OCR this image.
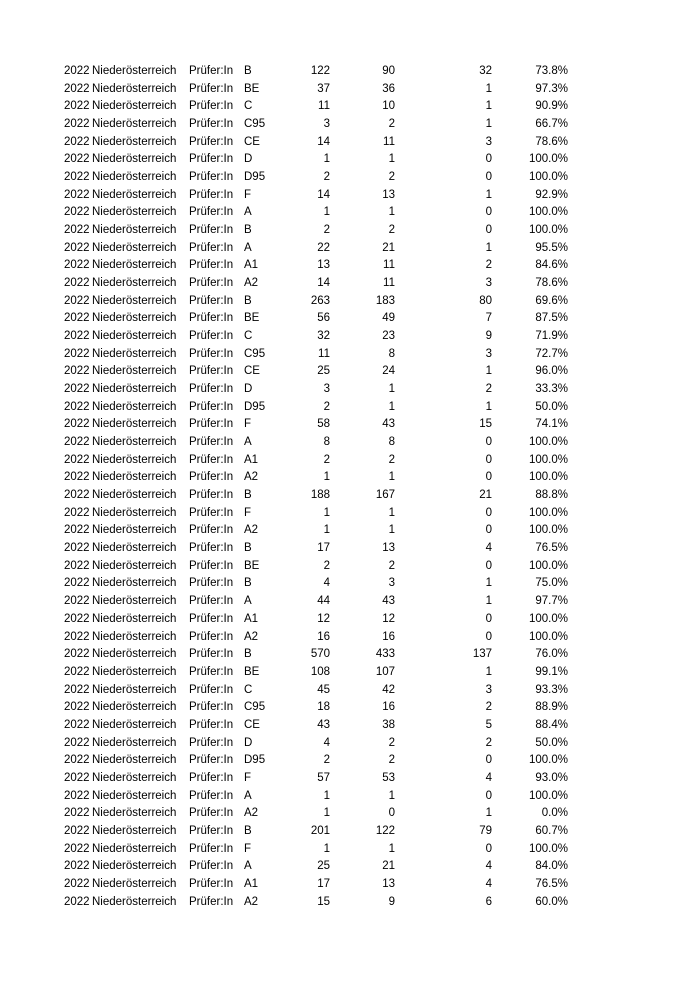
2022 Niederösterreich Prüfer:In B	122	90	32	73.8%
2022 Niederösterreich Prüfer:In BE	37	36	1	97.3%
2022 Niederösterreich Prüfer:In C	11	10	1	90.9%
2022 Niederösterreich Prüfer:In C95	3	2	1	66.7%
2022 Niederösterreich Prüfer:In CE	14	11	3	78.6%
2022 Niederösterreich Prüfer:In D	1	1	0	100.0%
2022 Niederösterreich Prüfer:In D95	2	2	0	100.0%
2022 Niederösterreich Prüfer:In F	14	13	1	92.9%
2022 Niederösterreich Prüfer:In A	1	1	0	100.0%
2022 Niederösterreich Prüfer:In B	2	2	0	100.0%
2022 Niederösterreich Prüfer:In A	22	21	1	95.5%
2022 Niederösterreich Prüfer:In A1	13	11	2	84.6%
2022 Niederösterreich Prüfer:In A2	14	11	3	78.6%
2022 Niederösterreich Prüfer:In B	263	183	80	69.6%
2022 Niederösterreich Prüfer:In BE	56	49	7	87.5%
2022 Niederösterreich Prüfer:In C	32	23	9	71.9%
2022 Niederösterreich Prüfer:In C95	11	8	3	72.7%
2022 Niederösterreich Prüfer:In CE	25	24	1	96.0%
2022 Niederösterreich Prüfer:In D	3	1	2	33.3%
2022 Niederösterreich Prüfer:In D95	2	1	1	50.0%
2022 Niederösterreich Prüfer:In F	58	43	15	74.1%
2022 Niederösterreich Prüfer:In A	8	8	0	100.0%
2022 Niederösterreich Prüfer:In A1	2	2	0	100.0%
2022 Niederösterreich Prüfer:In A2	1	1	0	100.0%
2022 Niederösterreich Prüfer:In B	188	167	21	88.8%
2022 Niederösterreich Prüfer:In F	1	1	0	100.0%
2022 Niederösterreich Prüfer:In A2	1	1	0	100.0%
2022 Niederösterreich Prüfer:In B	17	13	4	76.5%
2022 Niederösterreich Prüfer:In BE	2	2	0	100.0%
2022 Niederösterreich Prüfer:In B	4	3	1	75.0%
2022 Niederösterreich Prüfer:In A	44	43	1	97.7%
2022 Niederösterreich Prüfer:In A1	12	12	0	100.0%
2022 Niederösterreich Prüfer:In A2	16	16	0	100.0%
2022 Niederösterreich Prüfer:In B	570	433	137	76.0%
2022 Niederösterreich Prüfer:In BE	108	107	1	99.1%
2022 Niederösterreich Prüfer:In C	45	42	3	93.3%
2022 Niederösterreich Prüfer:In C95	18	16	2	88.9%
2022 Niederösterreich Prüfer:In CE	43	38	5	88.4%
2022 Niederösterreich Prüfer:In D	4	2	2	50.0%
2022 Niederösterreich Prüfer:In D95	2	2	0	100.0%
2022 Niederösterreich Prüfer:In F	57	53	4	93.0%
2022 Niederösterreich Prüfer:In A	1	1	0	100.0%
2022 Niederösterreich Prüfer:In A2	1	0	1	0.0%
2022 Niederösterreich Prüfer:In B	201	122	79	60.7%
2022 Niederösterreich Prüfer:In F	1	1	0	100.0%
2022 Niederösterreich Prüfer:In A	25	21	4	84.0%
2022 Niederösterreich Prüfer:In A1	17	13	4	76.5%
2022 Niederösterreich Prüfer:In A2	15	9	6	60.0%
